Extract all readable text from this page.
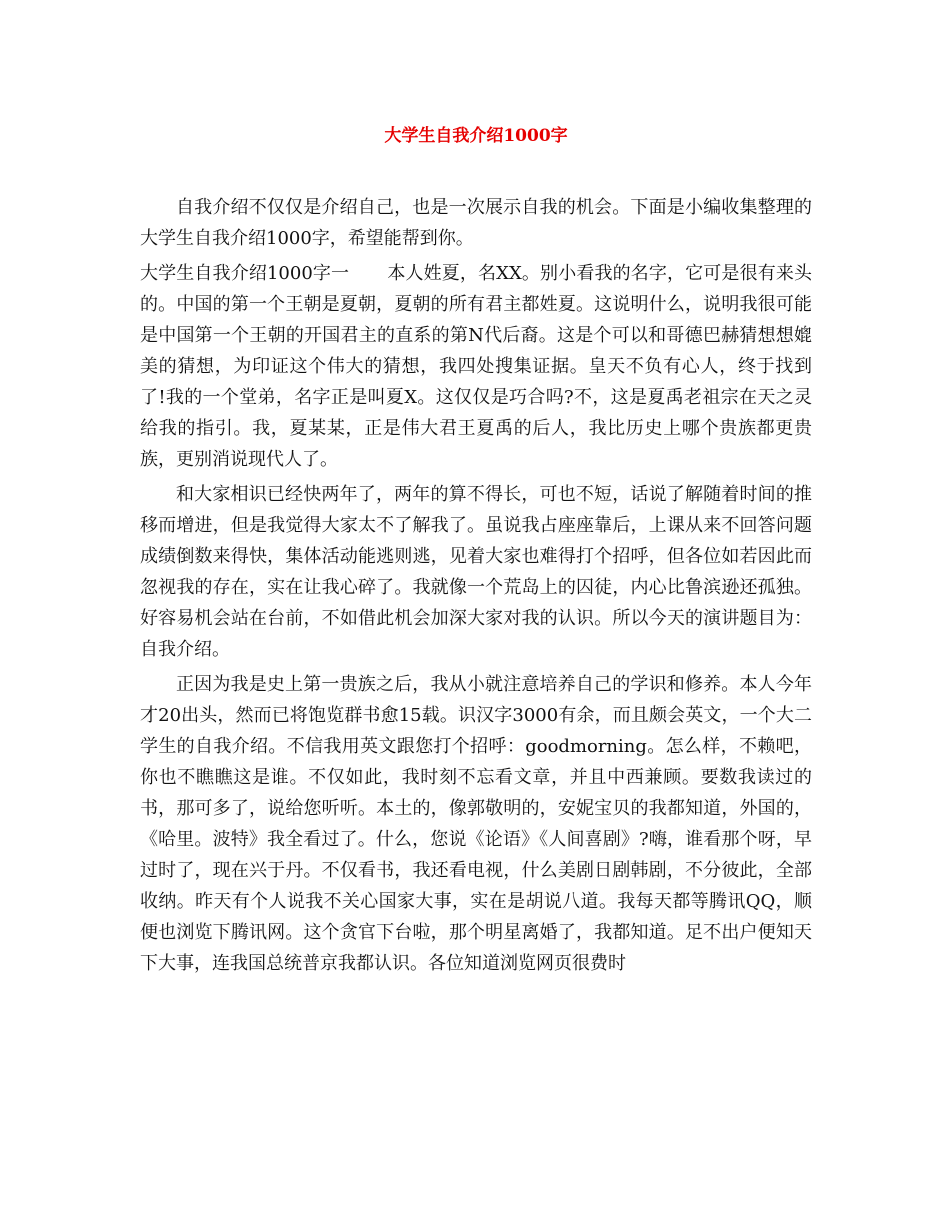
大学生自我介绍1000字

自我介绍不仅仅是介绍自己，也是一次展示自我的机会。下面是小编收集整理的大学生自我介绍1000字，希望能帮到你。

大学生自我介绍1000字一 本人姓夏，名XX。别小看我的名字，它可是很有来头的。中国的第一个王朝是夏朝，夏朝的所有君主都姓夏。这说明什么，说明我很可能是中国第一个王朝的开国君主的直系的第N代后裔。这是个可以和哥德巴赫猜想想媲美的猜想，为印证这个伟大的猜想，我四处搜集证据。皇天不负有心人，终于找到了!我的一个堂弟，名字正是叫夏X。这仅仅是巧合吗?不，这是夏禹老祖宗在天之灵给我的指引。我，夏某某，正是伟大君王夏禹的后人，我比历史上哪个贵族都更贵族，更别消说现代人了。

和大家相识已经快两年了，两年的算不得长，可也不短，话说了解随着时间的推移而增进，但是我觉得大家太不了解我了。虽说我占座座靠后，上课从来不回答问题成绩倒数来得快，集体活动能逃则逃，见着大家也难得打个招呼，但各位如若因此而忽视我的存在，实在让我心碎了。我就像一个荒岛上的囚徒，内心比鲁滨逊还孤独。好容易机会站在台前，不如借此机会加深大家对我的认识。所以今天的演讲题目为：自我介绍。

正因为我是史上第一贵族之后，我从小就注意培养自己的学识和修养。本人今年才20出头，然而已将饱览群书愈15载。识汉字3000有余，而且颇会英文，一个大二学生的自我介绍。不信我用英文跟您打个招呼：goodmorning。怎么样，不赖吧，你也不瞧瞧这是谁。不仅如此，我时刻不忘看文章，并且中西兼顾。要数我读过的书，那可多了，说给您听听。本土的，像郭敬明的，安妮宝贝的我都知道，外国的，《哈里。波特》我全看过了。什么，您说《论语》《人间喜剧》?嗨，谁看那个呀，早过时了，现在兴于丹。不仅看书，我还看电视，什么美剧日剧韩剧，不分彼此，全部收纳。昨天有个人说我不关心国家大事，实在是胡说八道。我每天都等腾讯QQ，顺便也浏览下腾讯网。这个贪官下台啦，那个明星离婚了，我都知道。足不出户便知天下大事，连我国总统普京我都认识。各位知道浏览网页很费时
